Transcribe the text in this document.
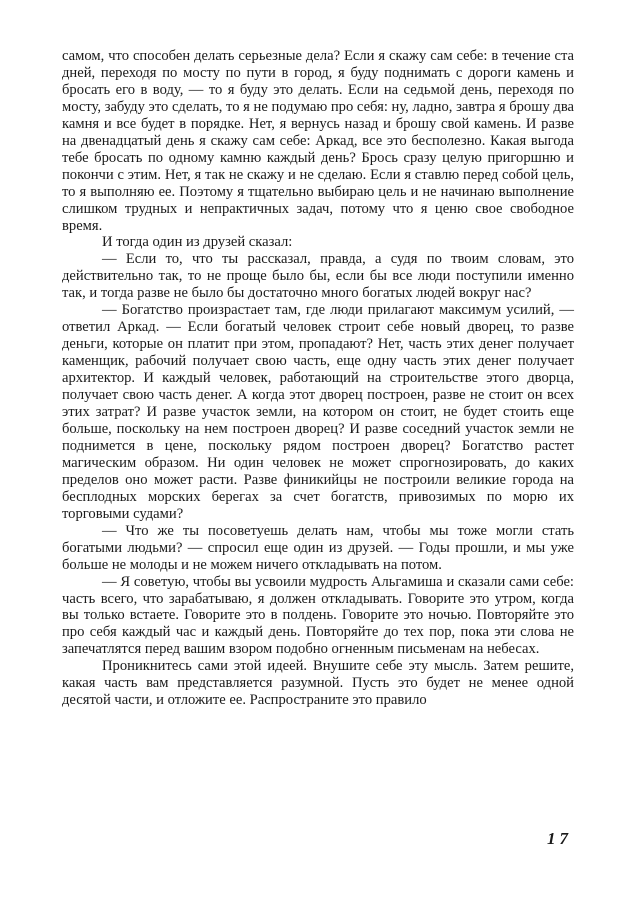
самом, что способен делать серьезные дела? Если я скажу сам себе: в течение ста дней, переходя по мосту по пути в город, я буду поднимать с дороги камень и бросать его в воду, — то я буду это делать. Если на седьмой день, переходя по мосту, забуду это сделать, то я не подумаю про себя: ну, ладно, завтра я брошу два камня и все будет в порядке. Нет, я вернусь назад и брошу свой камень. И разве на двенадцатый день я скажу сам себе: Аркад, все это бесполезно. Какая выгода тебе бросать по одному камню каждый день? Брось сразу целую пригоршню и покончи с этим. Нет, я так не скажу и не сделаю. Если я ставлю перед собой цель, то я выполняю ее. Поэтому я тщательно выбираю цель и не начинаю выполнение слишком трудных и непрактичных задач, потому что я ценю свое свободное время.

И тогда один из друзей сказал:

— Если то, что ты рассказал, правда, а судя по твоим словам, это действительно так, то не проще было бы, если бы все люди поступили именно так, и тогда разве не было бы достаточно много богатых людей вокруг нас?

— Богатство произрастает там, где люди прилагают максимум усилий, — ответил Аркад. — Если богатый человек строит себе новый дворец, то разве деньги, которые он платит при этом, пропадают? Нет, часть этих денег получает каменщик, рабочий получает свою часть, еще одну часть этих денег получает архитектор. И каждый человек, работающий на строительстве этого дворца, получает свою часть денег. А когда этот дворец построен, разве не стоит он всех этих затрат? И разве участок земли, на котором он стоит, не будет стоить еще больше, поскольку на нем построен дворец? И разве соседний участок земли не поднимется в цене, поскольку рядом построен дворец? Богатство растет магическим образом. Ни один человек не может спрогнозировать, до каких пределов оно может расти. Разве финикийцы не построили великие города на бесплодных морских берегах за счет богатств, привозимых по морю их торговыми судами?

— Что же ты посоветуешь делать нам, чтобы мы тоже могли стать богатыми людьми? — спросил еще один из друзей. — Годы прошли, и мы уже больше не молоды и не можем ничего откладывать на потом.

— Я советую, чтобы вы усвоили мудрость Альгамиша и сказали сами себе: часть всего, что зарабатываю, я должен откладывать. Говорите это утром, когда вы только встаете. Говорите это в полдень. Говорите это ночью. Повторяйте это про себя каждый час и каждый день. Повторяйте до тех пор, пока эти слова не запечатлятся перед вашим взором подобно огненным письменам на небесах.

Проникнитесь сами этой идеей. Внушите себе эту мысль. Затем решите, какая часть вам представляется разумной. Пусть это будет не менее одной десятой части, и отложите ее. Распространите это правило

17
